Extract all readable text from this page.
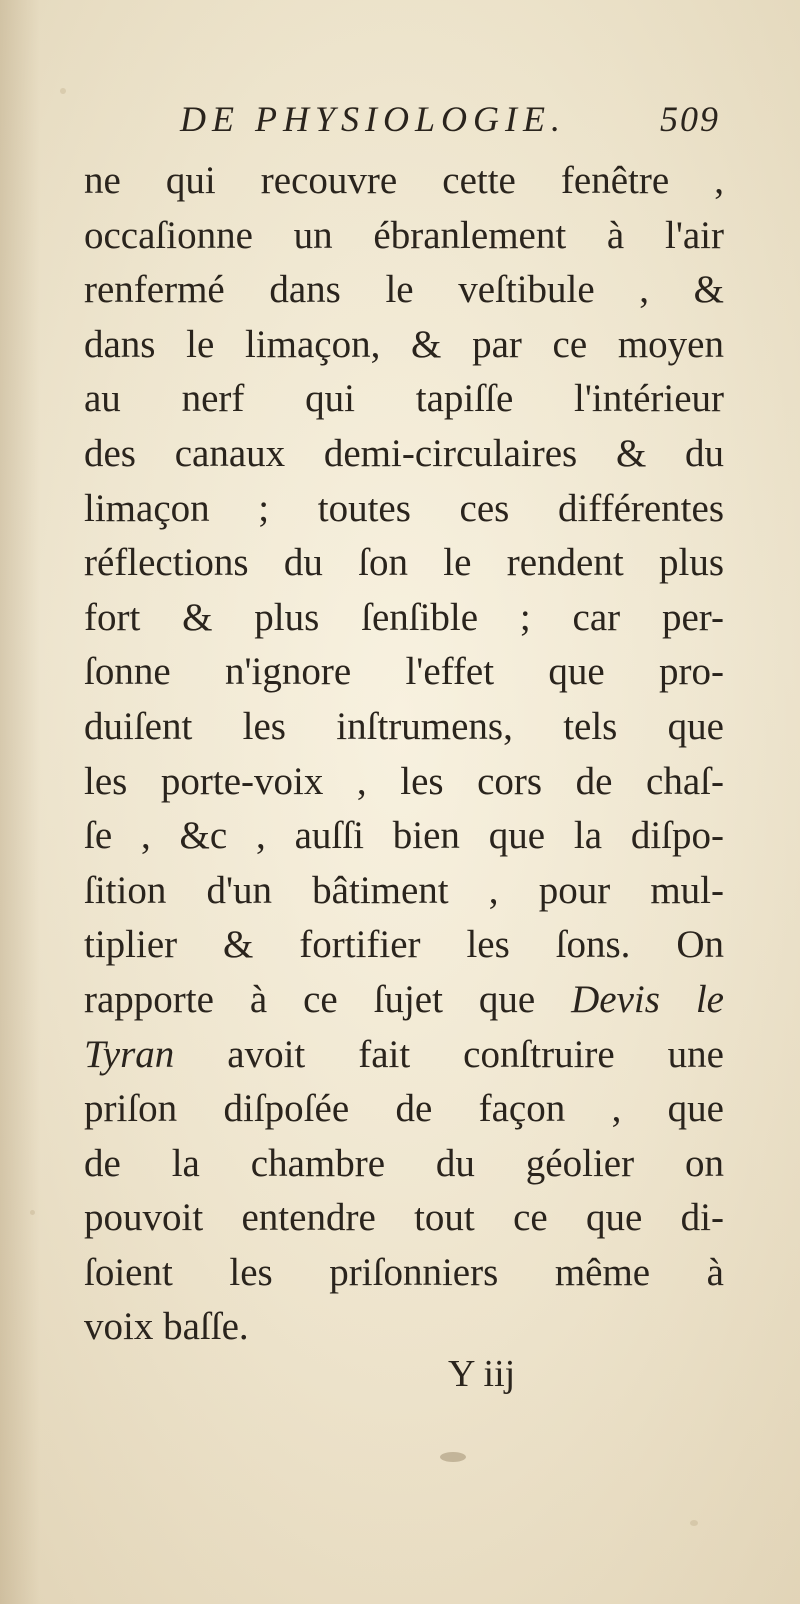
DE PHYSIOLOGIE.	509
ne qui recouvre cette fenêtre ,
occaſionne un ébranlement à l'air
renfermé dans le veſtibule , &
dans le limaçon, & par ce moyen
au nerf qui tapiſſe l'intérieur
des canaux demi-circulaires & du
limaçon ; toutes ces différentes
réflections du ſon le rendent plus
fort & plus ſenſible ; car per-
ſonne n'ignore l'effet que pro-
duiſent les inſtrumens, tels que
les porte-voix , les cors de chaſ-
ſe , &c , auſſi bien que la diſpo-
ſition d'un bâtiment , pour mul-
tiplier & fortifier les ſons. On
rapporte à ce ſujet que Devis le
Tyran avoit fait conſtruire une
priſon diſpoſée de façon , que
de la chambre du géolier on
pouvoit entendre tout ce que di-
ſoient les priſonniers même à
voix baſſe.
Y iij
